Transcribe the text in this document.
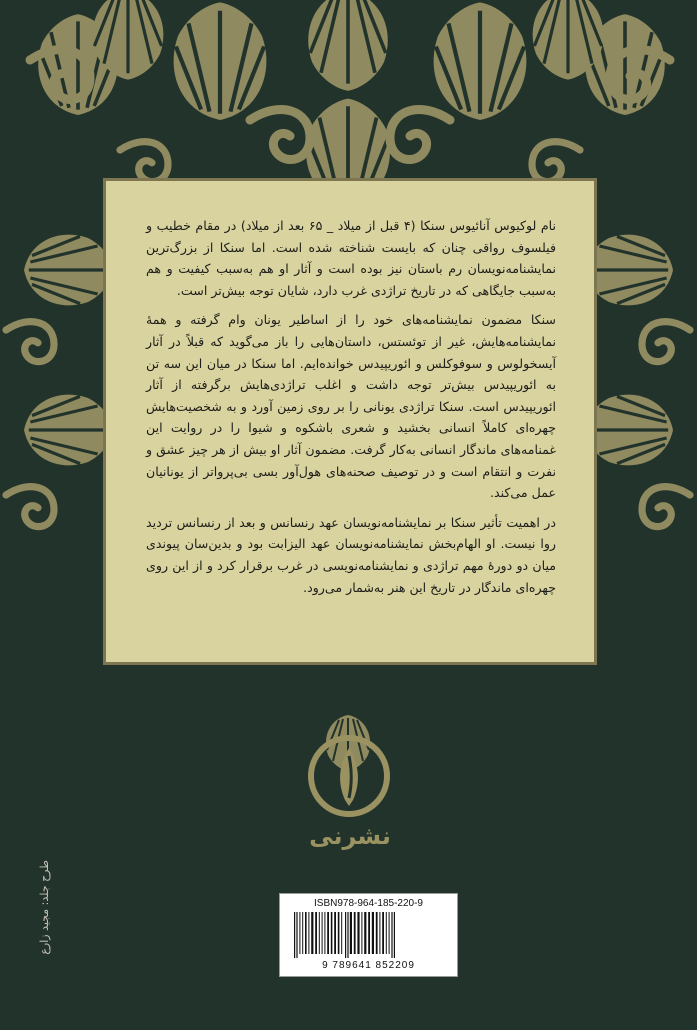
نام لوکیوس آنائیوس سنکا (۴ قبل از میلاد _ ۶۵ بعد از میلاد) در مقام خطیب و فیلسوف رواقی چنان که بایست شناخته شده است. اما سنکا از بزرگ‌ترین نمایشنامه‌نویسان رم باستان نیز بوده است و آثار او هم به‌سبب کیفیت و هم به‌سبب جایگاهی که در تاریخ تراژدی غرب دارد، شایان توجه بیش‌تر است.

سنکا مضمون نمایشنامه‌های خود را از اساطیر یونان وام گرفته و همهٔ نمایشنامه‌هایش، غیر از توئستس، داستان‌هایی را باز می‌گوید که قبلاً در آثار آیسخولوس و سوفوکلس و ائوریپیدس خوانده‌ایم. اما سنکا در میان این سه تن به ائوریپیدس بیش‌تر توجه داشت و اغلب تراژدی‌هایش برگرفته از آثار ائوریپیدس است. سنکا تراژدی یونانی را بر روی زمین آورد و به شخصیت‌هایش چهره‌ای کاملاً انسانی بخشید و شعری باشکوه و شیوا را در روایت این غمنامه‌های ماندگار انسانی به‌کار گرفت. مضمون آثار او بیش از هر چیز عشق و نفرت و انتقام است و در توصیف صحنه‌های هول‌آور بسی بی‌پرواتر از یونانیان عمل می‌کند.

در اهمیت تأثیر سنکا بر نمایشنامه‌نویسان عهد رنسانس و بعد از رنسانس تردید روا نیست. او الهام‌بخش نمایشنامه‌نویسان عهد الیزابت بود و بدین‌سان پیوندی میان دو دورهٔ مهم تراژدی و نمایشنامه‌نویسی در غرب برقرار کرد و از این روی چهره‌ای ماندگار در تاریخ این هنر به‌شمار می‌رود.

نشرنی
طرح جلد: مجید زارع	ISBN978-964-185-220-9
9 789641 852209
